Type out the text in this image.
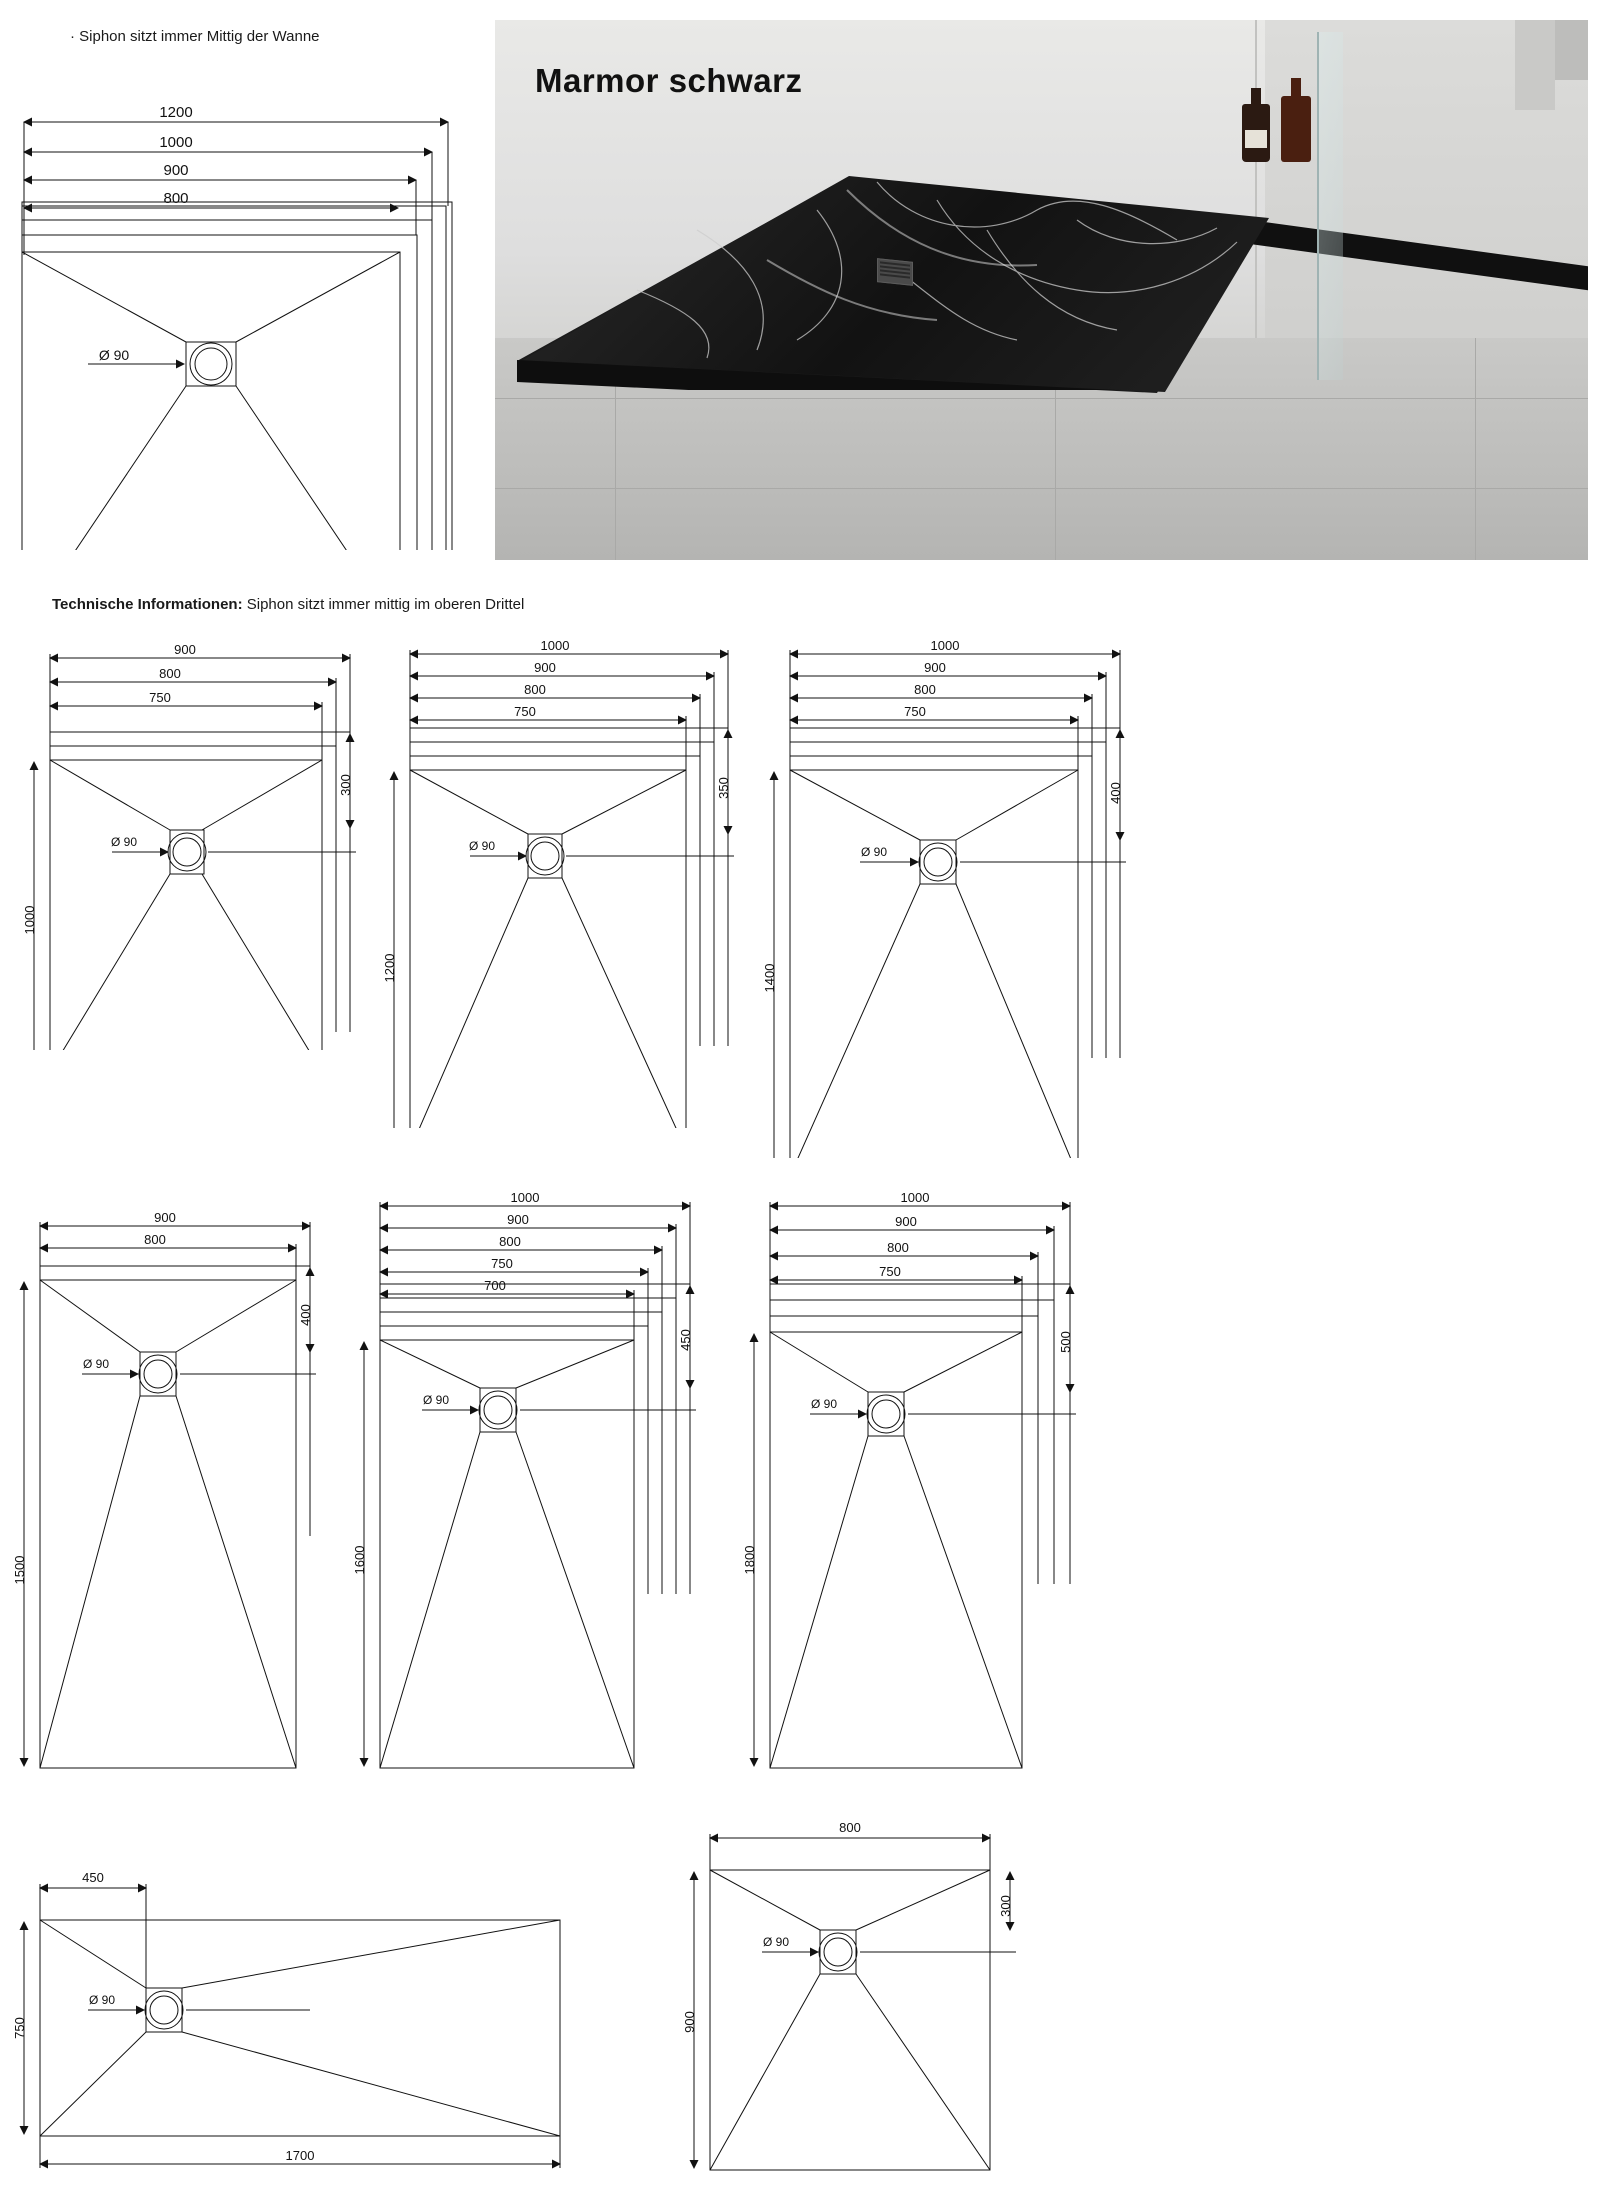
· Siphon sitzt immer Mittig der Wanne
Marmor schwarz
1200
1000
900
800
Ø 90
Technische Informationen: Siphon sitzt immer mittig im oberen Drittel
900
800
750
1000
300
Ø 90
1000
900
800
750
1200
350
Ø 90
1000
900
800
750
1400
400
Ø 90
900
800
1500
400
Ø 90
1000
900
800
750
700
1600
450
Ø 90
1000
900
800
750
1800
500
Ø 90
450
750
1700
Ø 90
800
900
300
Ø 90
